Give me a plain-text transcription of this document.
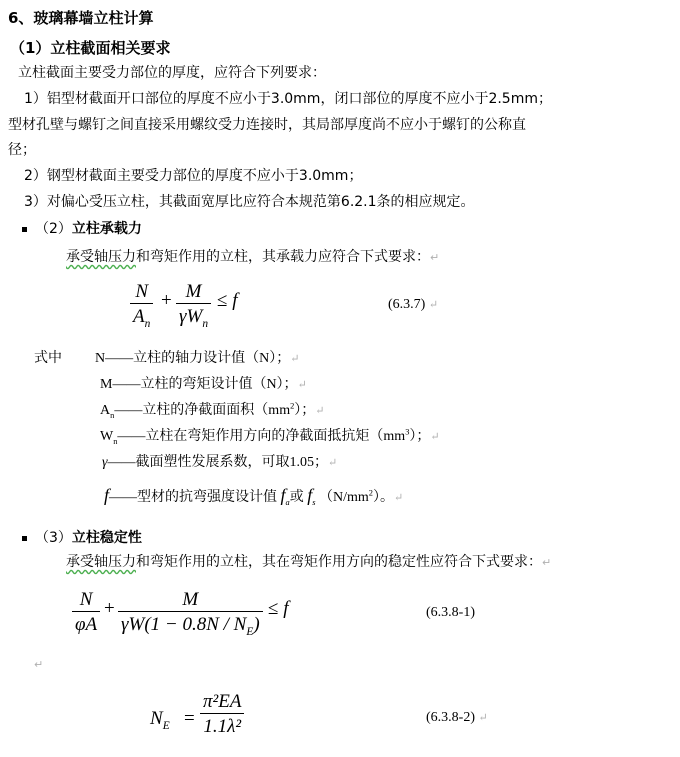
6、玻璃幕墙立柱计算
（1）立柱截面相关要求
立柱截面主要受力部位的厚度，应符合下列要求：
1）铝型材截面开口部位的厚度不应小于3.0mm，闭口部位的厚度不应小于2.5mm；
型材孔壁与螺钉之间直接采用螺纹受力连接时，其局部厚度尚不应小于螺钉的公称直
径；
2）钢型材截面主要受力部位的厚度不应小于3.0mm；
3）对偏心受压立柱，其截面宽厚比应符合本规范第6.2.1条的相应规定。
（2）立柱承载力
承受轴压力和弯矩作用的立柱，其承载力应符合下式要求：↵
N
$A_n$
+ M
$\gamma W_n$
≤ f	(6.3.7) ↵
式中 N——立柱的轴力设计值（N）；↵
M——立柱的弯矩设计值（N）；↵
$A_n——$立柱的净截面面积$(mm^2)$；↵
$W_n——$立柱在弯矩作用方向的净截面抵抗矩$(mm^3)$；↵
γ——截面塑性发展系数，可取1.05；↵
f——型材的抗弯强度设计值 $f_a$或 $f_s$ $(N/mm^2)$。↵
（3）立柱稳定性
承受轴压力和弯矩作用的立柱，其在弯矩作用方向的稳定性应符合下式要求：↵
N
φA
+	M
$\gamma W(1 - 0.8N / N_E)$
≤ f	(6.3.8-1)
↵
$N_E$ =
π²EA
1.1λ²	(6.3.8-2) ↵
